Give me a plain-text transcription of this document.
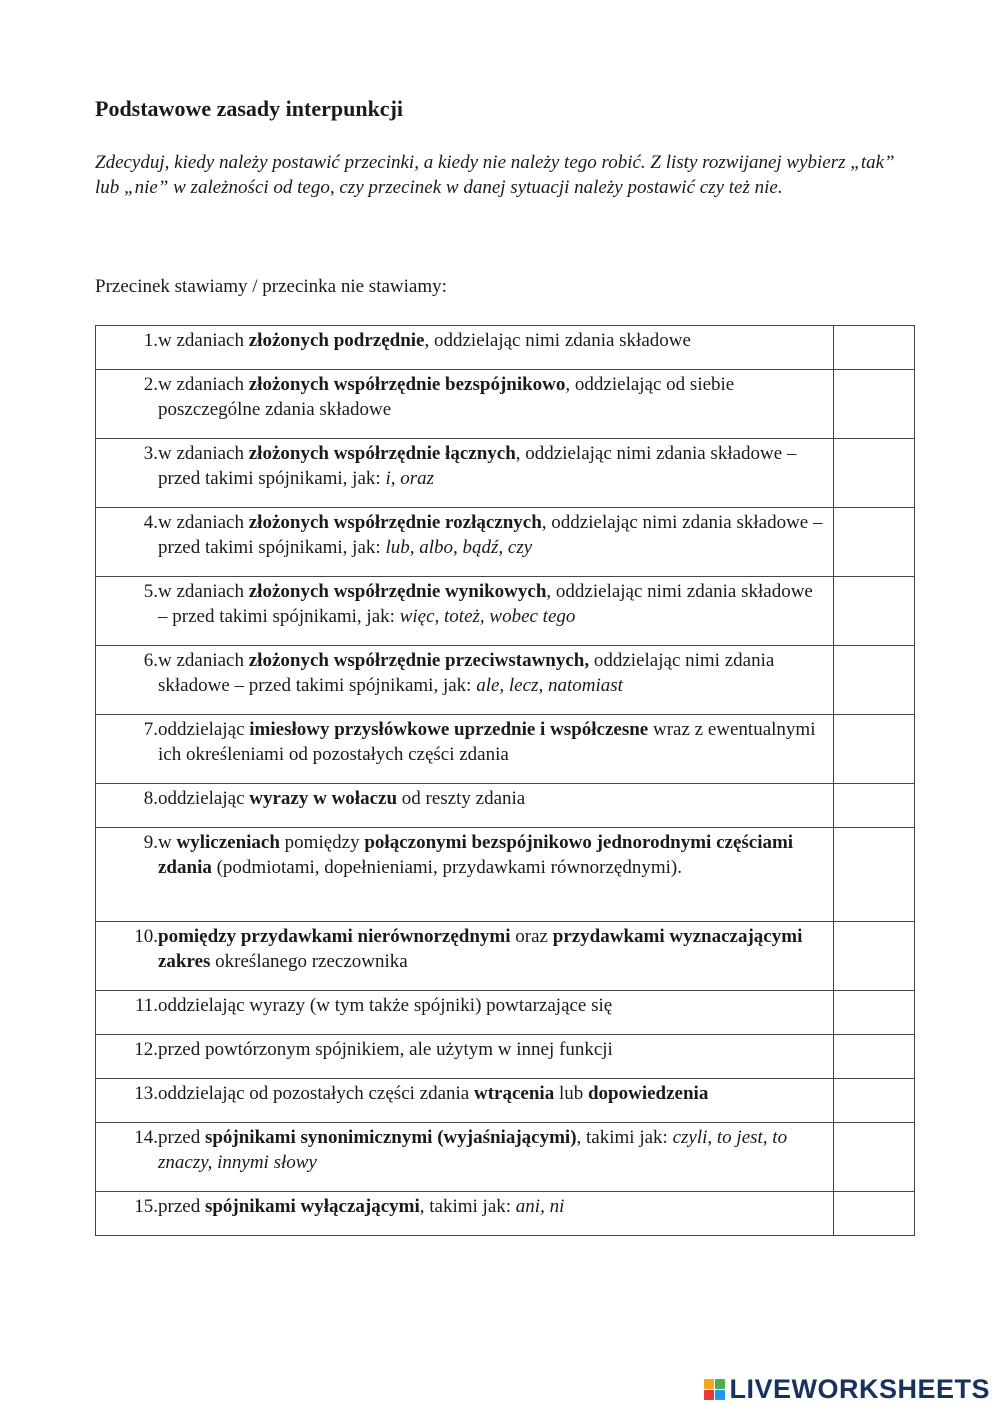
Podstawowe zasady interpunkcji

Zdecyduj, kiedy należy postawić przecinki, a kiedy nie należy tego robić. Z listy rozwijanej wybierz „tak” lub „nie” w zależności od tego, czy przecinek w danej sytuacji należy postawić czy też nie.

Przecinek stawiamy / przecinka nie stawiamy:

1. w zdaniach złożonych podrzędnie, oddzielając nimi zdania składowe	

2. w zdaniach złożonych współrzędnie bezspójnikowo, oddzielając od siebie poszczególne zdania składowe	

3. w zdaniach złożonych współrzędnie łącznych, oddzielając nimi zdania składowe – przed takimi spójnikami, jak: i, oraz	

4. w zdaniach złożonych współrzędnie rozłącznych, oddzielając nimi zdania składowe – przed takimi spójnikami, jak: lub, albo, bądź, czy	

5. w zdaniach złożonych współrzędnie wynikowych, oddzielając nimi zdania składowe – przed takimi spójnikami, jak: więc, toteż, wobec tego	

6. w zdaniach złożonych współrzędnie przeciwstawnych, oddzielając nimi zdania składowe – przed takimi spójnikami, jak: ale, lecz, natomiast	

7. oddzielając imiesłowy przysłówkowe uprzednie i współczesne wraz z ewentualnymi ich określeniami od pozostałych części zdania	

8. oddzielając wyrazy w wołaczu od reszty zdania	

9. w wyliczeniach pomiędzy połączonymi bezspójnikowo jednorodnymi częściami zdania (podmiotami, dopełnieniami, przydawkami równorzędnymi).	

10. pomiędzy przydawkami nierównorzędnymi oraz przydawkami wyznaczającymi zakres określanego rzeczownika	

11. oddzielając wyrazy (w tym także spójniki) powtarzające się	

12. przed powtórzonym spójnikiem, ale użytym w innej funkcji	

13. oddzielając od pozostałych części zdania wtrącenia lub dopowiedzenia	

14. przed spójnikami synonimicznymi (wyjaśniającymi), takimi jak: czyli, to jest, to znaczy, innymi słowy	

15. przed spójnikami wyłączającymi, takimi jak: ani, ni	

LIVEWORKSHEETS
